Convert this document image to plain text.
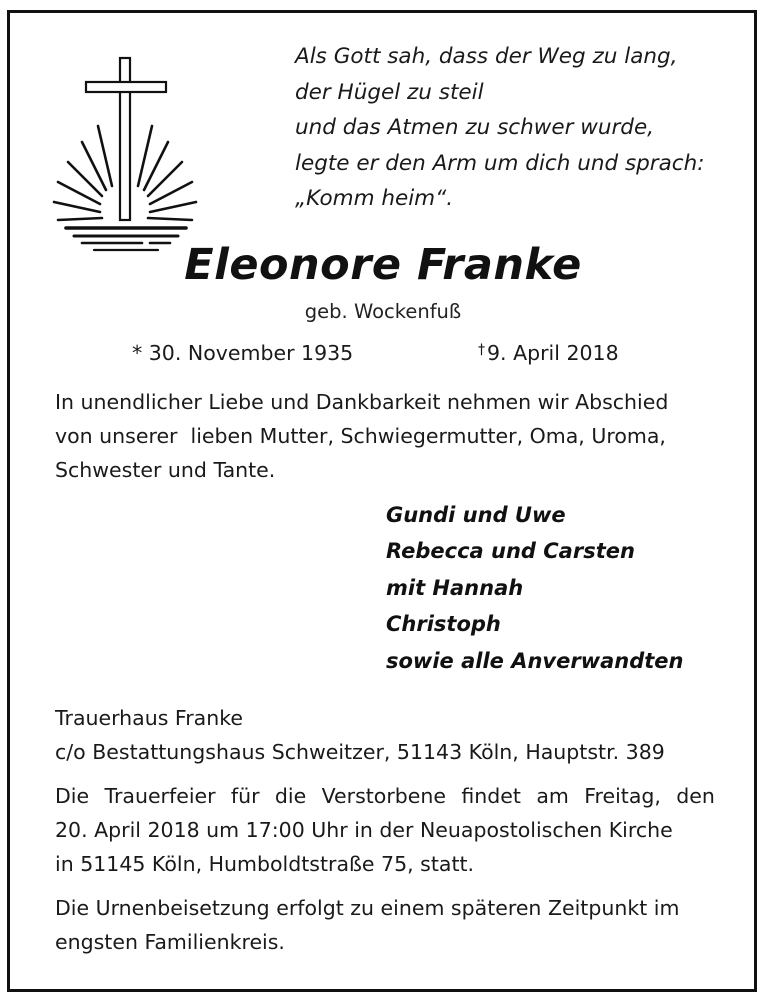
Als Gott sah, dass der Weg zu lang,
der Hügel zu steil
und das Atmen zu schwer wurde,
legte er den Arm um dich und sprach:
„Komm heim“.
Eleonore Franke
geb. Wockenfuß
* 30. November 1935	†9. April 2018
In unendlicher Liebe und Dankbarkeit nehmen wir Abschied
von unserer  lieben Mutter, Schwiegermutter, Oma, Uroma,
Schwester und Tante.
Gundi und Uwe
Rebecca und Carsten
mit Hannah
Christoph
sowie alle Anverwandten
Trauerhaus Franke
c/o Bestattungshaus Schweitzer, 51143 Köln, Hauptstr. 389
Die Trauerfeier für die Verstorbene findet am Freitag, den
20. April 2018 um 17:00 Uhr in der Neuapostolischen Kirche
in 51145 Köln, Humboldtstraße 75, statt.
Die Urnenbeisetzung erfolgt zu einem späteren Zeitpunkt im
engsten Familienkreis.
